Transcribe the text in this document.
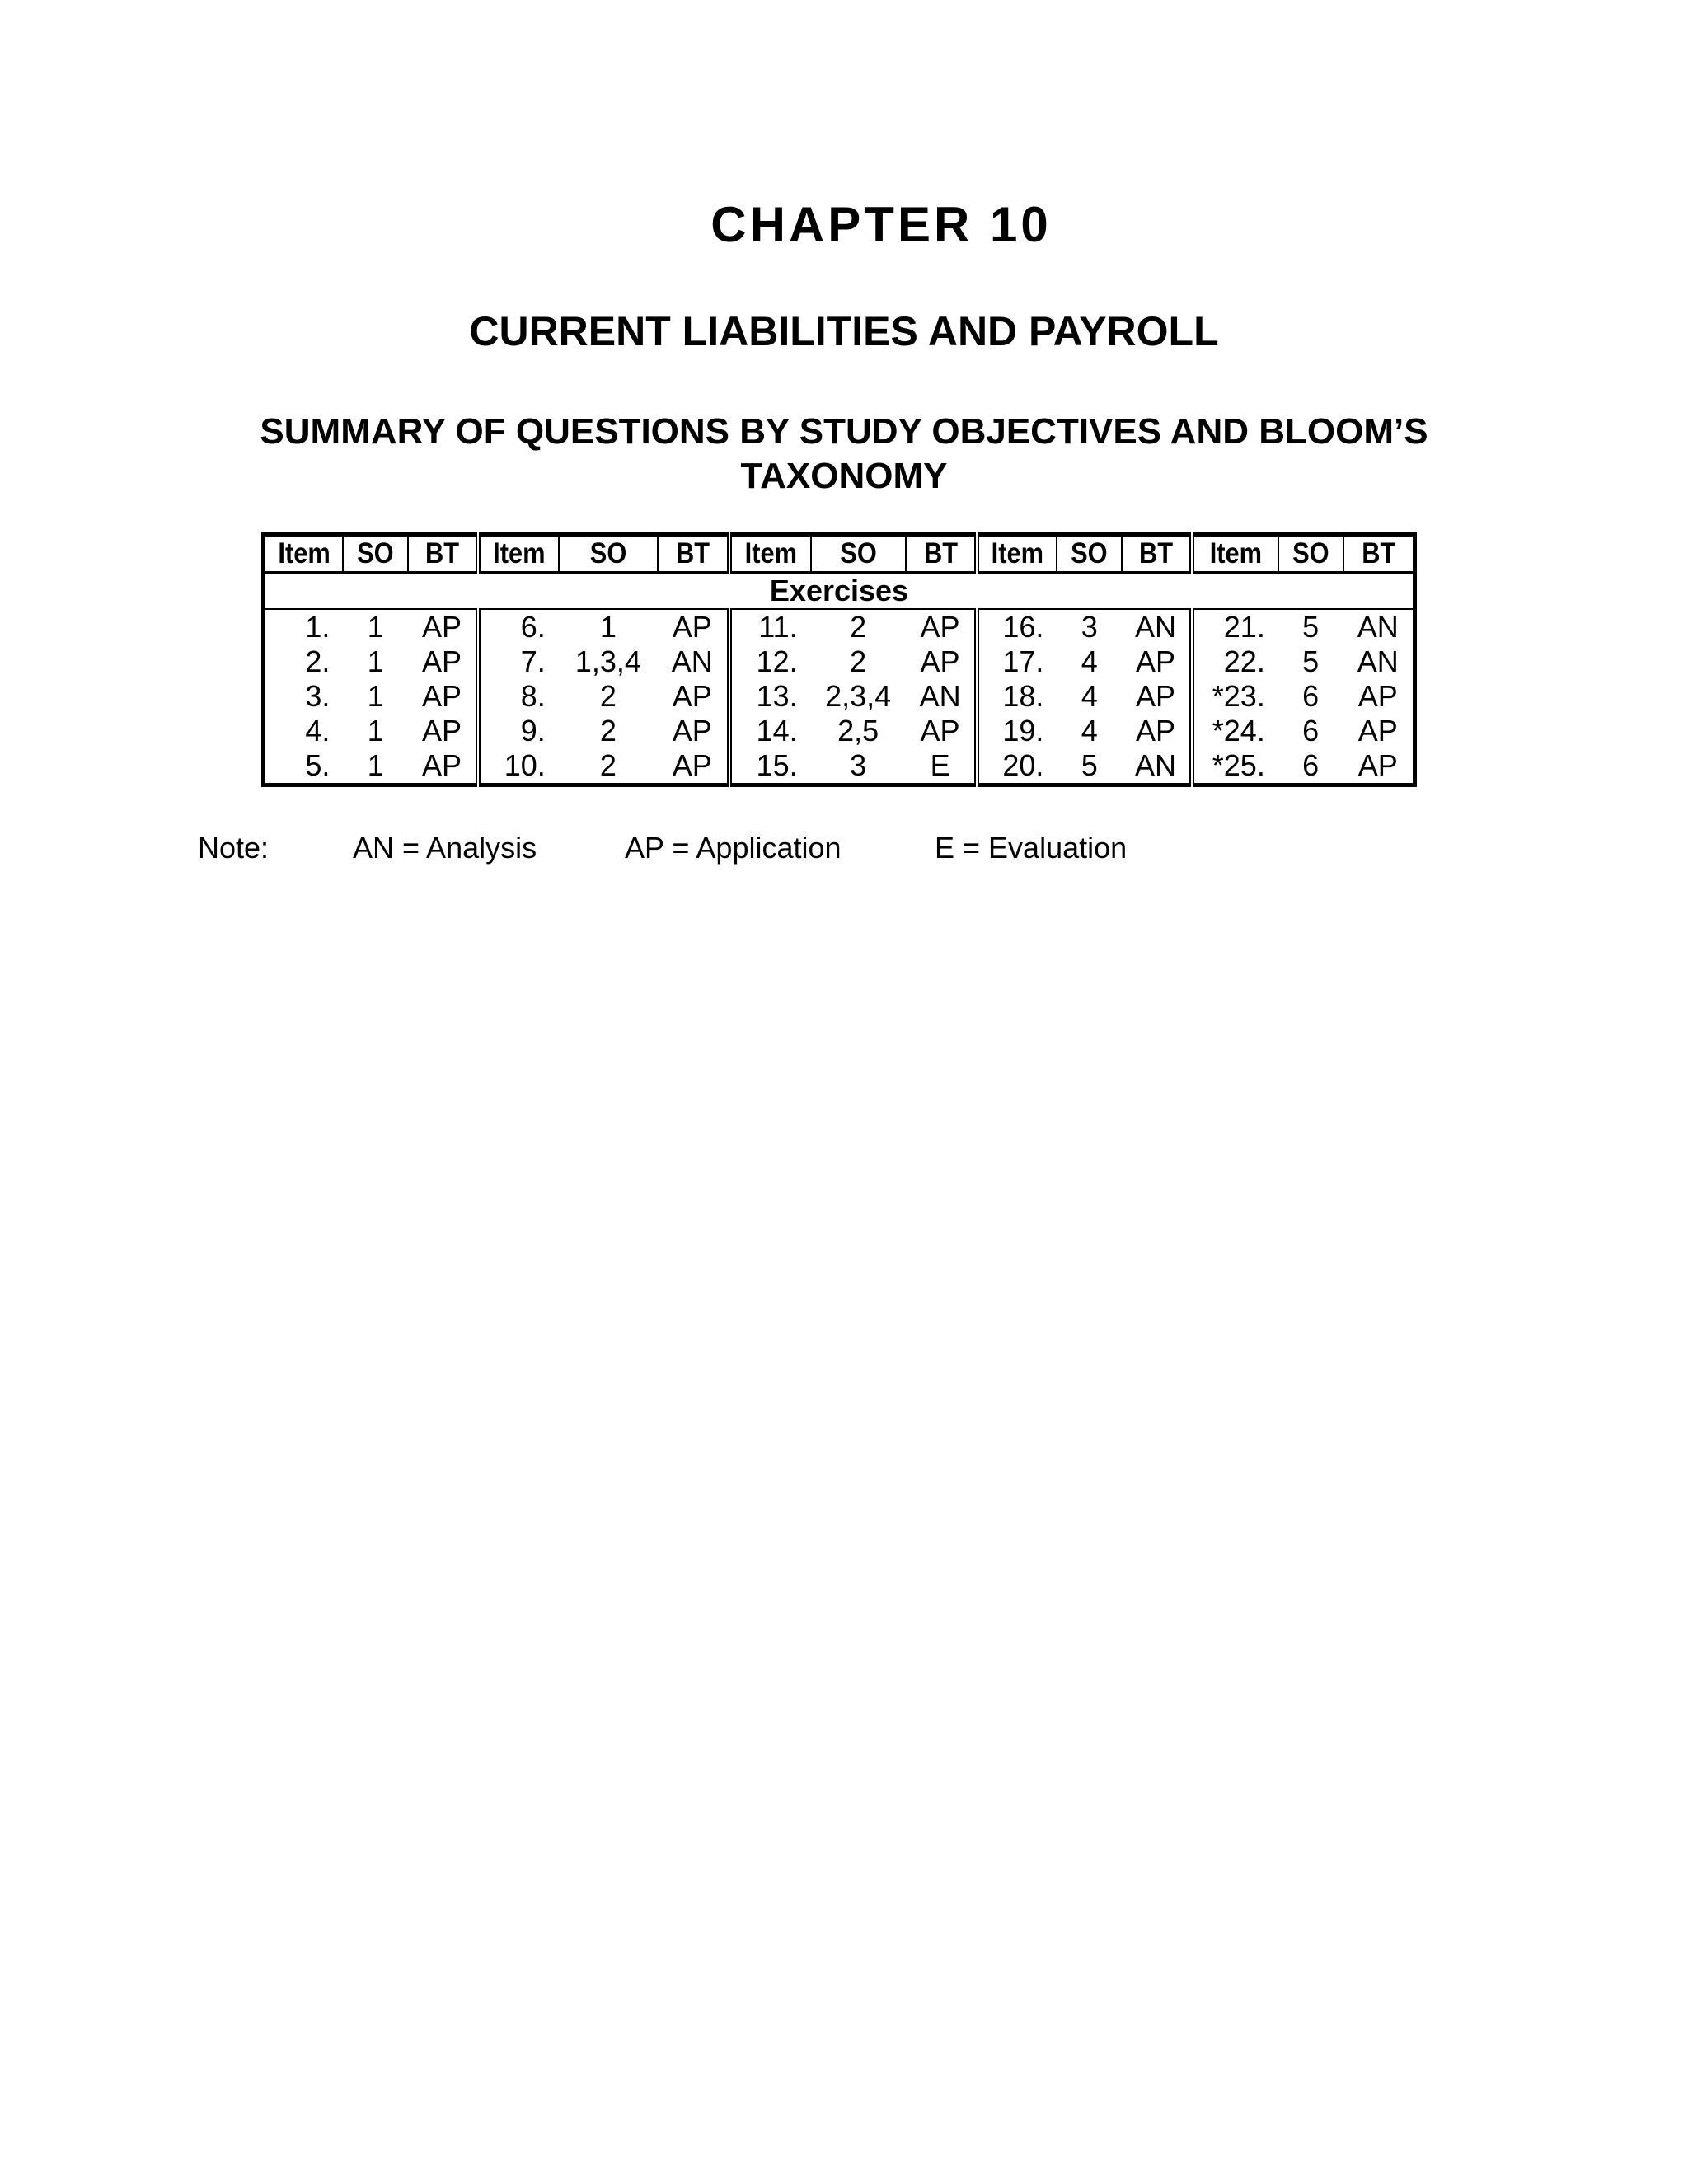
CHAPTER 10
CURRENT LIABILITIES AND PAYROLL
SUMMARY OF QUESTIONS BY STUDY OBJECTIVES AND BLOOM’S
TAXONOMY
Item	SO	BT	Item	SO	BT	Item	SO	BT	Item	SO	BT	Item	SO	BT
Exercises														
1.	1	AP	6.	1	AP	11.	2	AP	16.	3	AN	21.	5	AN
2.	1	AP	7.	1,3,4	AN	12.	2	AP	17.	4	AP	22.	5	AN
3.	1	AP	8.	2	AP	13.	2,3,4	AN	18.	4	AP	*23.	6	AP
4.	1	AP	9.	2	AP	14.	2,5	AP	19.	4	AP	*24.	6	AP
5.	1	AP	10.	2	AP	15.	3	E	20.	5	AN	*25.	6	AP
Note:	AN = Analysis	AP = Application	E = Evaluation
